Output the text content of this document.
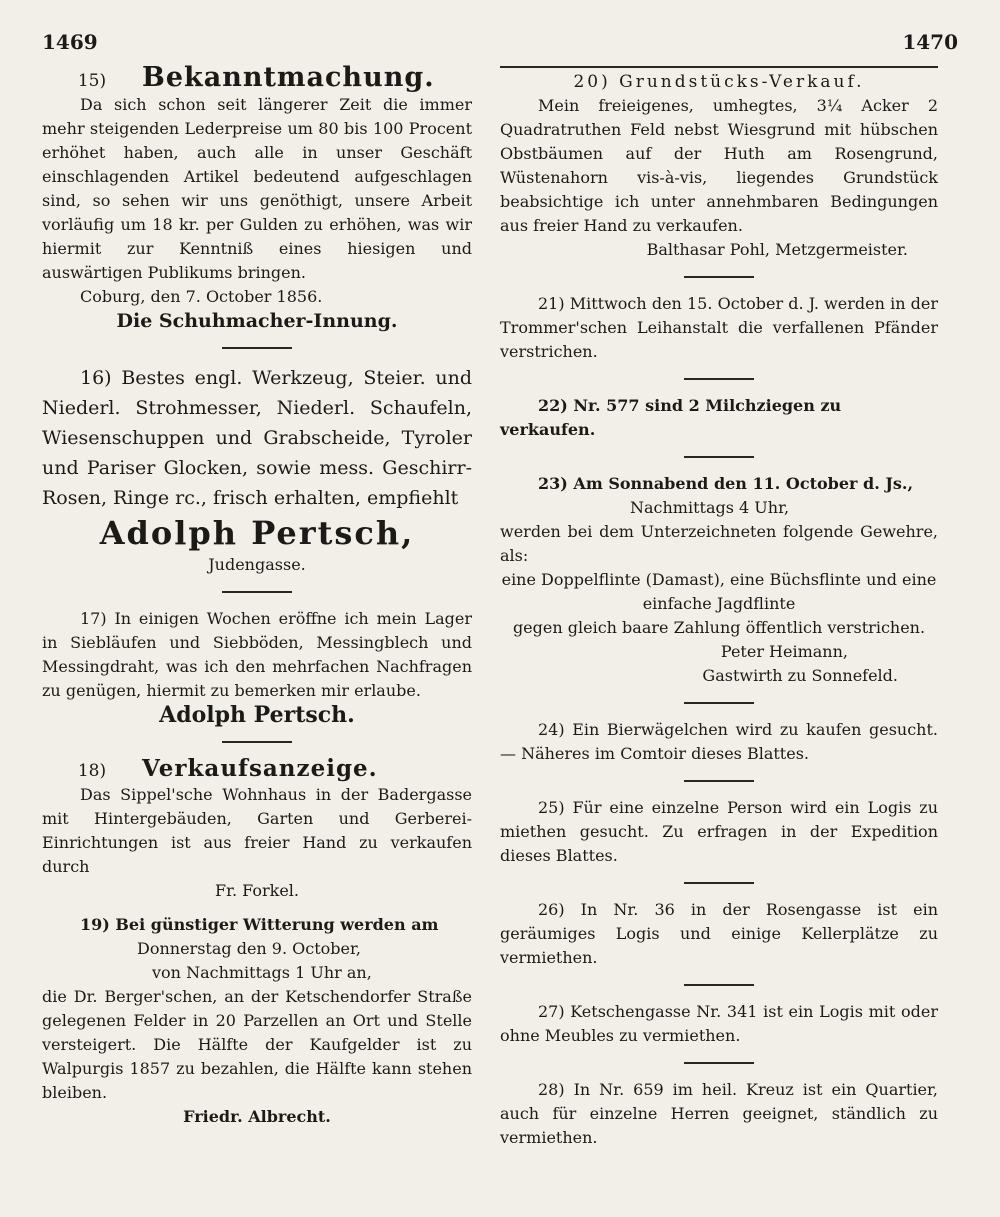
1469	1470
15)	Bekanntmachung.
Da sich schon seit längerer Zeit die immer mehr steigenden Lederpreise um 80 bis 100 Procent erhöhet haben, auch alle in unser Geschäft einschlagenden Artikel bedeutend aufgeschlagen sind, so sehen wir uns genöthigt, unsere Arbeit vorläufig um 18 kr. per Gulden zu erhöhen, was wir hiermit zur Kenntniß eines hiesigen und auswärtigen Publikums bringen.
Coburg, den 7. October 1856.
Die Schuhmacher-Innung.
16) Bestes engl. Werkzeug, Steier. und Niederl. Strohmesser, Niederl. Schaufeln, Wiesenschuppen und Grabscheide, Tyroler und Pariser Glocken, sowie mess. Geschirr-Rosen, Ringe rc., frisch erhalten, empfiehlt
Adolph Pertsch,
Judengasse.
17) In einigen Wochen eröffne ich mein Lager in Siebläufen und Siebböden, Messingblech und Messingdraht, was ich den mehrfachen Nachfragen zu genügen, hiermit zu bemerken mir erlaube.
Adolph Pertsch.
18)	Verkaufsanzeige.
Das Sippel'sche Wohnhaus in der Badergasse mit Hintergebäuden, Garten und Gerberei-Einrichtungen ist aus freier Hand zu verkaufen durch
Fr. Forkel.
19) Bei günstiger Witterung werden am
Donnerstag den 9. October,
von Nachmittags 1 Uhr an,
die Dr. Berger'schen, an der Ketschendorfer Straße gelegenen Felder in 20 Parzellen an Ort und Stelle versteigert. Die Hälfte der Kaufgelder ist zu Walpurgis 1857 zu bezahlen, die Hälfte kann stehen bleiben.
Friedr. Albrecht.
20) Grundstücks-Verkauf.
Mein freieigenes, umhegtes, 3¼ Acker 2 Quadratruthen Feld nebst Wiesgrund mit hübschen Obstbäumen auf der Huth am Rosengrund, Wüstenahorn vis-à-vis, liegendes Grundstück beabsichtige ich unter annehmbaren Bedingungen aus freier Hand zu verkaufen.
Balthasar Pohl, Metzgermeister.
21) Mittwoch den 15. October d. J. werden in der Trommer'schen Leihanstalt die verfallenen Pfänder verstrichen.
22) Nr. 577 sind 2 Milchziegen zu verkaufen.
23) Am Sonnabend den 11. October d. Js.,
Nachmittags 4 Uhr,
werden bei dem Unterzeichneten folgende Gewehre, als:
eine Doppelflinte (Damast), eine Büchsflinte und eine einfache Jagdflinte
gegen gleich baare Zahlung öffentlich verstrichen.
Peter Heimann,
Gastwirth zu Sonnefeld.
24) Ein Bierwägelchen wird zu kaufen gesucht. — Näheres im Comtoir dieses Blattes.
25) Für eine einzelne Person wird ein Logis zu miethen gesucht. Zu erfragen in der Expedition dieses Blattes.
26) In Nr. 36 in der Rosengasse ist ein geräumiges Logis und einige Kellerplätze zu vermiethen.
27) Ketschengasse Nr. 341 ist ein Logis mit oder ohne Meubles zu vermiethen.
28) In Nr. 659 im heil. Kreuz ist ein Quartier, auch für einzelne Herren geeignet, ständlich zu vermiethen.
